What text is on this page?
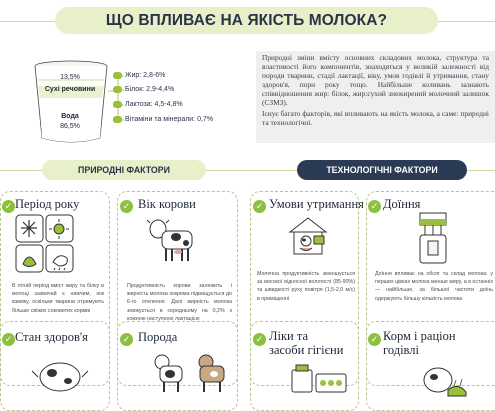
ЩО ВПЛИВАЄ НА ЯКІСТЬ МОЛОКА?
13,5%
Сухі речовини
Вода
86,5%
Жир: 2,8-6%
Білок: 2,9-4,4%
Лактоза: 4,5-4,8%
Вітаміни та мінерали: 0,7%

Природні зміни вмісту основних складових молока, структура та властивості його компонентів, знаходяться у великій залежності від породи тварини, стадії лактації, віку, умов годівлі й утримання, стану здоров'я, пори року тощо. Найбільше коливань зазнають співвідношення жир: білок, жир:сухий знежирений молочний залишок (СЗМЗ).

Існує багато факторів, які впливають на якість молока, а саме: природні та технологічні.

ПРИРОДНІ ФАКТОРИ	ТЕХНОЛОГІЧНІ ФАКТОРИ
✓ Період року
В літній період вміст жиру та білку в молоці зазвичай є нижчим, ніж взимку, оскільки тварини отримують більше свіжих соковитих кормів
✓ Вік корови
Продуктивність корови залежить і жирність молока зокрема підвищується до 6-го отелення. Далі жирність молока знижується в середньому на 0,2% з кожною наступною лактацією
✓ Умови утримання
Молочна продуктивність зменшується за високої відносної вологості (85-90%) та швидкості руху повітря (1,5-2,0 м/с) в приміщенні
✓ Доїння
Доїння впливає на обсяг та склад молока: у перших цівках молока менше жиру, а в останніх — найбільше, за більшої частоти доїнь одержують більшу кількість молока
✓ Стан здоров'я	✓ Порода	✓ Ліки та
засоби гігієни
✓ Корм і раціон
годівлі
